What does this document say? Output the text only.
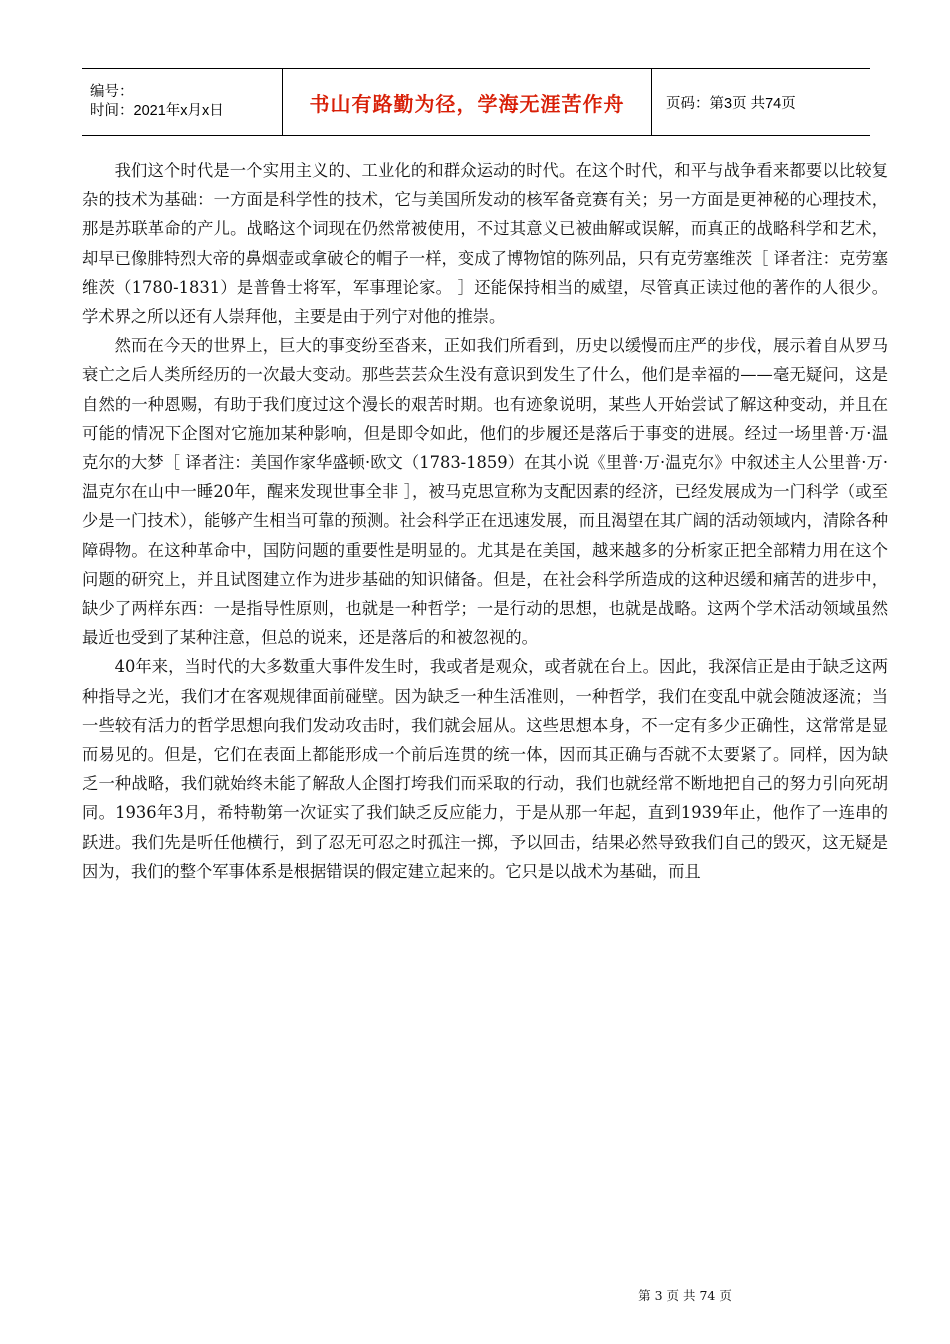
编号：
时间：2021年x月x日	书山有路勤为径，学海无涯苦作舟	页码：第3页 共74页

我们这个时代是一个实用主义的、工业化的和群众运动的时代。在这个时代，和平与战争看来都要以比较复杂的技术为基础：一方面是科学性的技术，它与美国所发动的核军备竞赛有关；另一方面是更神秘的心理技术，那是苏联革命的产儿。战略这个词现在仍然常被使用，不过其意义已被曲解或误解，而真正的战略科学和艺术，却早已像腓特烈大帝的鼻烟壶或拿破仑的帽子一样，变成了博物馆的陈列品，只有克劳塞维茨［ 译者注：克劳塞维茨（1780-1831）是普鲁士将军，军事理论家。 ］还能保持相当的威望，尽管真正读过他的著作的人很少。学术界之所以还有人崇拜他，主要是由于列宁对他的推崇。

然而在今天的世界上，巨大的事变纷至沓来，正如我们所看到，历史以缓慢而庄严的步伐，展示着自从罗马衰亡之后人类所经历的一次最大变动。那些芸芸众生没有意识到发生了什么，他们是幸福的——毫无疑问，这是自然的一种恩赐，有助于我们度过这个漫长的艰苦时期。也有迹象说明，某些人开始尝试了解这种变动，并且在可能的情况下企图对它施加某种影响，但是即令如此，他们的步履还是落后于事变的进展。经过一场里普·万·温克尔的大梦［ 译者注：美国作家华盛顿·欧文（1783-1859）在其小说《里普·万·温克尔》中叙述主人公里普·万·温克尔在山中一睡20年，醒来发现世事全非 ］，被马克思宣称为支配因素的经济，已经发展成为一门科学（或至少是一门技术），能够产生相当可靠的预测。社会科学正在迅速发展，而且渴望在其广阔的活动领域内，清除各种障碍物。在这种革命中，国防问题的重要性是明显的。尤其是在美国，越来越多的分析家正把全部精力用在这个问题的研究上，并且试图建立作为进步基础的知识储备。但是，在社会科学所造成的这种迟缓和痛苦的进步中，缺少了两样东西：一是指导性原则，也就是一种哲学；一是行动的思想，也就是战略。这两个学术活动领域虽然最近也受到了某种注意，但总的说来，还是落后的和被忽视的。

40年来，当时代的大多数重大事件发生时，我或者是观众，或者就在台上。因此，我深信正是由于缺乏这两种指导之光，我们才在客观规律面前碰壁。因为缺乏一种生活准则，一种哲学，我们在变乱中就会随波逐流；当一些较有活力的哲学思想向我们发动攻击时，我们就会屈从。这些思想本身，不一定有多少正确性，这常常是显而易见的。但是，它们在表面上都能形成一个前后连贯的统一体，因而其正确与否就不太要紧了。同样，因为缺乏一种战略，我们就始终未能了解敌人企图打垮我们而采取的行动，我们也就经常不断地把自己的努力引向死胡同。1936年3月，希特勒第一次证实了我们缺乏反应能力，于是从那一年起，直到1939年止，他作了一连串的跃进。我们先是听任他横行，到了忍无可忍之时孤注一掷，予以回击，结果必然导致我们自己的毁灭，这无疑是因为，我们的整个军事体系是根据错误的假定建立起来的。它只是以战术为基础，而且

第 3 页 共 74 页
